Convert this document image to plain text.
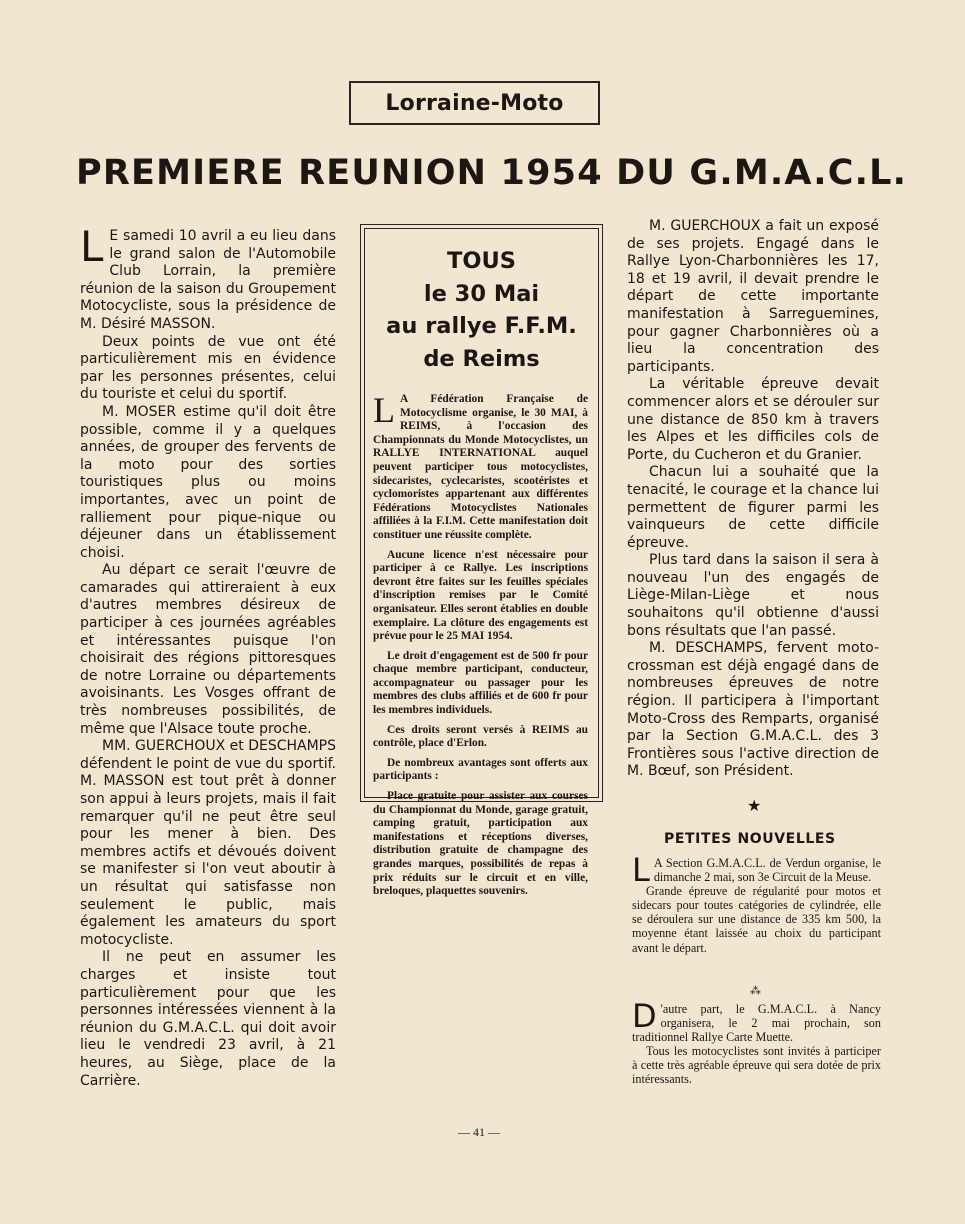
Lorraine-Moto
PREMIERE REUNION 1954 DU G.M.A.C.L.

L E samedi 10 avril a eu lieu dans le grand salon de l'Automobile Club Lorrain, la première réunion de la saison du Groupement Motocycliste, sous la présidence de M. Désiré MASSON.

Deux points de vue ont été particulièrement mis en évidence par les personnes présentes, celui du touriste et celui du sportif.

M. MOSER estime qu'il doit être possible, comme il y a quelques années, de grouper des fervents de la moto pour des sorties touristiques plus ou moins importantes, avec un point de ralliement pour pique-nique ou déjeuner dans un établissement choisi.

Au départ ce serait l'œuvre de camarades qui attireraient à eux d'autres membres désireux de participer à ces journées agréables et intéressantes puisque l'on choisirait des régions pittoresques de notre Lorraine ou départements avoisinants. Les Vosges offrant de très nombreuses possibilités, de même que l'Alsace toute proche.

MM. GUERCHOUX et DESCHAMPS défendent le point de vue du sportif. M. MASSON est tout prêt à donner son appui à leurs projets, mais il fait remarquer qu'il ne peut être seul pour les mener à bien. Des membres actifs et dévoués doivent se manifester si l'on veut aboutir à un résultat qui satisfasse non seulement le public, mais également les amateurs du sport motocycliste.

Il ne peut en assumer les charges et insiste tout particulièrement pour que les personnes intéressées viennent à la réunion du G.M.A.C.L. qui doit avoir lieu le vendredi 23 avril, à 21 heures, au Siège, place de la Carrière.

TOUS
le 30 Mai
au rallye F.F.M.
de Reims

L A Fédération Française de Motocyclisme organise, le 30 MAI, à REIMS, à l'occasion des Championnats du Monde Motocyclistes, un RALLYE INTERNATIONAL auquel peuvent participer tous motocyclistes, sidecaristes, cyclecaristes, scootéristes et cyclomoristes appartenant aux différentes Fédérations Motocyclistes Nationales affiliées à la F.I.M. Cette manifestation doit constituer une réussite complète.

Aucune licence n'est nécessaire pour participer à ce Rallye. Les inscriptions devront être faites sur les feuilles spéciales d'inscription remises par le Comité organisateur. Elles seront établies en double exemplaire. La clôture des engagements est prévue pour le 25 MAI 1954.

Le droit d'engagement est de 500 fr pour chaque membre participant, conducteur, accompagnateur ou passager pour les membres des clubs affiliés et de 600 fr pour les membres individuels.

Ces droits seront versés à REIMS au contrôle, place d'Erlon.

De nombreux avantages sont offerts aux participants :

Place gratuite pour assister aux courses du Championnat du Monde, garage gratuit, camping gratuit, participation aux manifestations et réceptions diverses, distribution gratuite de champagne des grandes marques, possibilités de repas à prix réduits sur le circuit et en ville, breloques, plaquettes souvenirs.

M. GUERCHOUX a fait un exposé de ses projets. Engagé dans le Rallye Lyon-Charbonnières les 17, 18 et 19 avril, il devait prendre le départ de cette importante manifestation à Sarreguemines, pour gagner Charbonnières où a lieu la concentration des participants.

La véritable épreuve devait commencer alors et se dérouler sur une distance de 850 km à travers les Alpes et les difficiles cols de Porte, du Cucheron et du Granier.

Chacun lui a souhaité que la tenacité, le courage et la chance lui permettent de figurer parmi les vainqueurs de cette difficile épreuve.

Plus tard dans la saison il sera à nouveau l'un des engagés de Liège-Milan-Liège et nous souhaitons qu'il obtienne d'aussi bons résultats que l'an passé.

M. DESCHAMPS, fervent moto-crossman est déjà engagé dans de nombreuses épreuves de notre région. Il participera à l'important Moto-Cross des Remparts, organisé par la Section G.M.A.C.L. des 3 Frontières sous l'active direction de M. Bœuf, son Président.

★
PETITES NOUVELLES

L A Section G.M.A.C.L. de Verdun organise, le dimanche 2 mai, son 3e Circuit de la Meuse.

Grande épreuve de régularité pour motos et sidecars pour toutes catégories de cylindrée, elle se déroulera sur une distance de 335 km 500, la moyenne étant laissée au choix du participant avant le départ.

⁂

D 'autre part, le G.M.A.C.L. à Nancy organisera, le 2 mai prochain, son traditionnel Rallye Carte Muette.

Tous les motocyclistes sont invités à participer à cette très agréable épreuve qui sera dotée de prix intéressants.

— 41 —
